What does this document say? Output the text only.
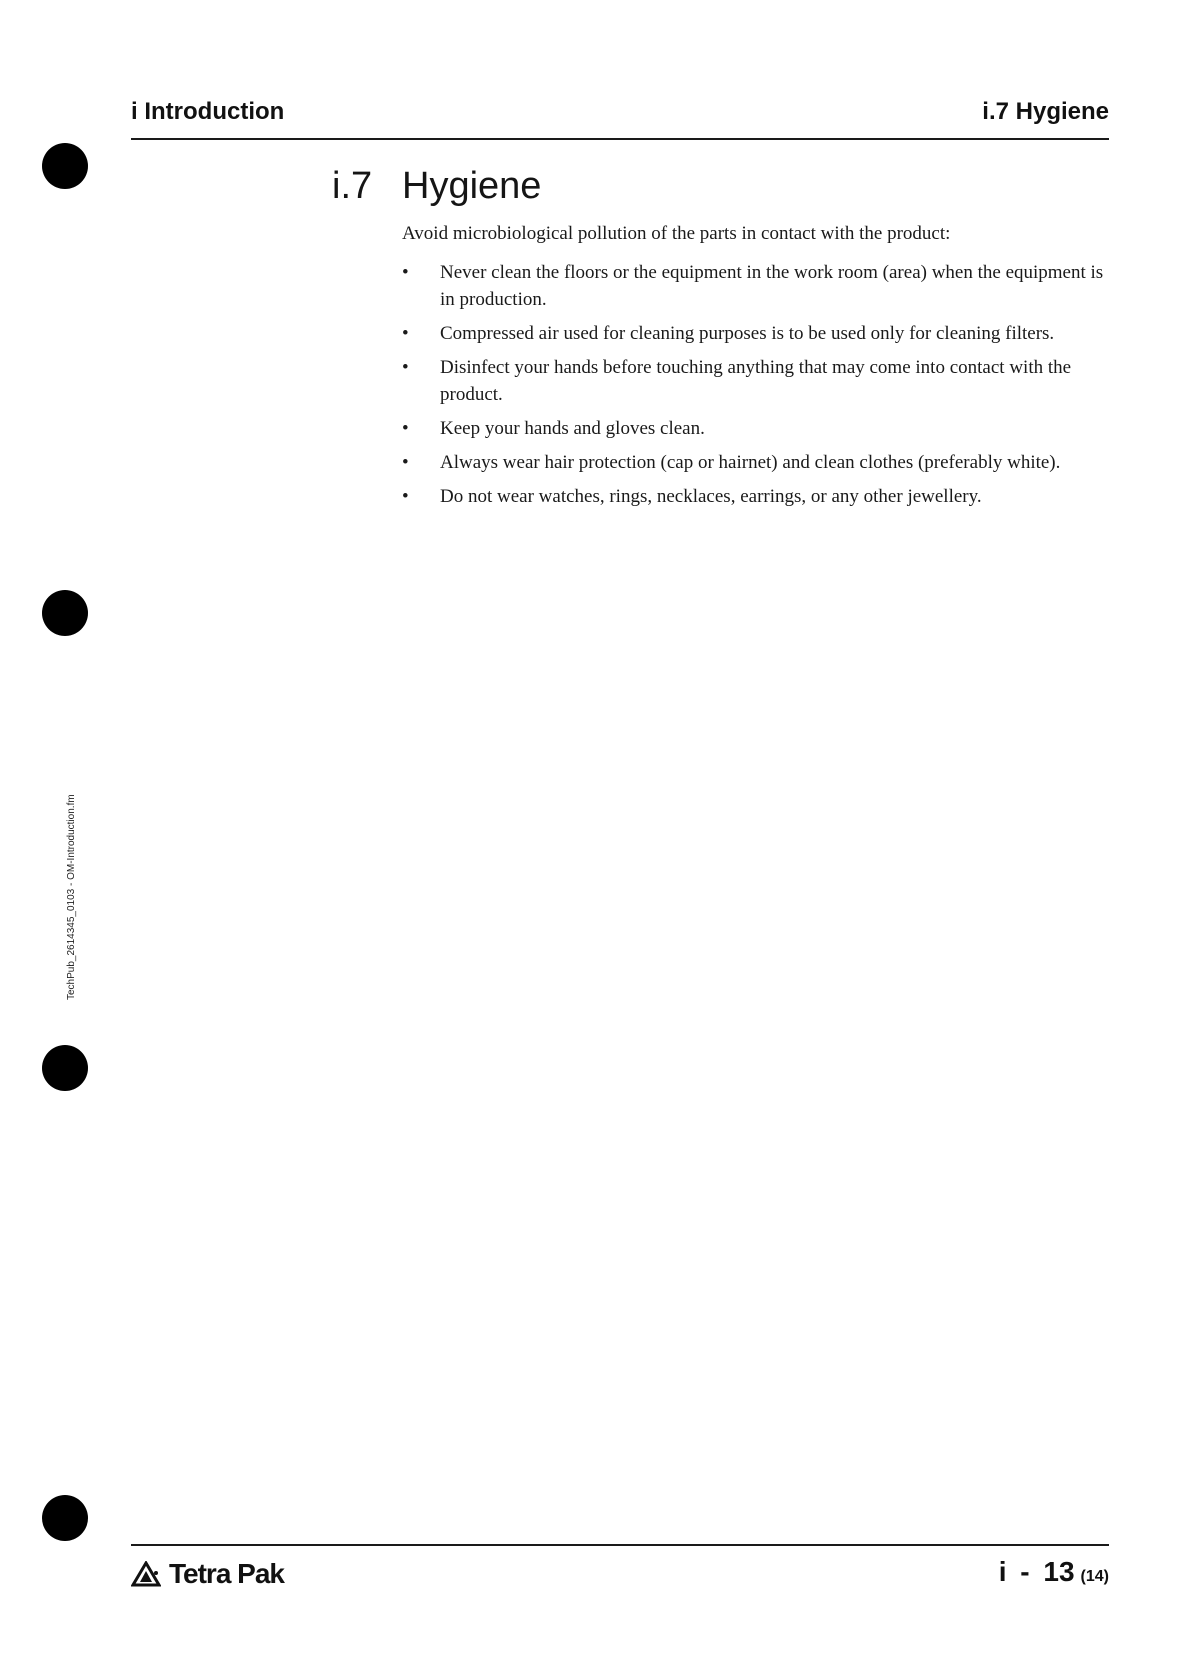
i Introduction	i.7 Hygiene
i.7 Hygiene

Avoid microbiological pollution of the parts in contact with the product:

• Never clean the floors or the equipment in the work room (area) when the equipment is in production.
• Compressed air used for cleaning purposes is to be used only for cleaning filters.
• Disinfect your hands before touching anything that may come into contact with the product.
• Keep your hands and gloves clean.
• Always wear hair protection (cap or hairnet) and clean clothes (preferably white).
• Do not wear watches, rings, necklaces, earrings, or any other jewellery.
TechPub_2614345_0103 - OM-Introduction.fm
Tetra Pak	i - 13 (14)
